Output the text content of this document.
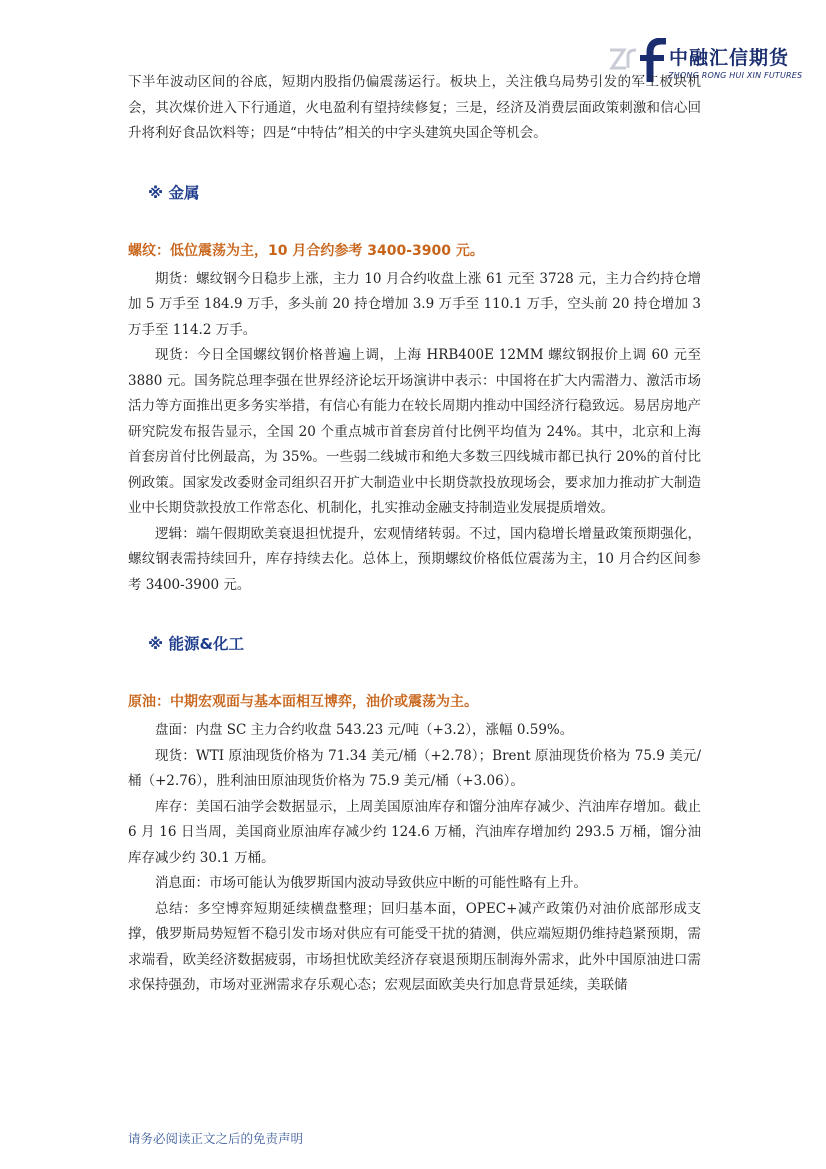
中融汇信期货
ZHONG RONG HUI XIN FUTURES

下半年波动区间的谷底，短期内股指仍偏震荡运行。板块上，关注俄乌局势引发的军工板块机会，其次煤价进入下行通道，火电盈利有望持续修复；三是，经济及消费层面政策刺激和信心回升将利好食品饮料等；四是“中特估”相关的中字头建筑央国企等机会。

※ 金属
螺纹：低位震荡为主，10 月合约参考 3400-3900 元。

期货：螺纹钢今日稳步上涨，主力 10 月合约收盘上涨 61 元至 3728 元，主力合约持仓增加 5 万手至 184.9 万手，多头前 20 持仓增加 3.9 万手至 110.1 万手，空头前 20 持仓增加 3 万手至 114.2 万手。

现货：今日全国螺纹钢价格普遍上调，上海 HRB400E 12MM 螺纹钢报价上调 60 元至 3880 元。国务院总理李强在世界经济论坛开场演讲中表示：中国将在扩大内需潜力、激活市场活力等方面推出更多务实举措，有信心有能力在较长周期内推动中国经济行稳致远。易居房地产研究院发布报告显示，全国 20 个重点城市首套房首付比例平均值为 24%。其中，北京和上海首套房首付比例最高，为 35%。一些弱二线城市和绝大多数三四线城市都已执行 20%的首付比例政策。国家发改委财金司组织召开扩大制造业中长期贷款投放现场会，要求加力推动扩大制造业中长期贷款投放工作常态化、机制化，扎实推动金融支持制造业发展提质增效。

逻辑：端午假期欧美衰退担忧提升，宏观情绪转弱。不过，国内稳增长增量政策预期强化，螺纹钢表需持续回升，库存持续去化。总体上，预期螺纹价格低位震荡为主，10 月合约区间参考 3400-3900 元。

※ 能源&化工
原油：中期宏观面与基本面相互博弈，油价或震荡为主。

盘面：内盘 SC 主力合约收盘 543.23 元/吨（+3.2），涨幅 0.59%。

现货：WTI 原油现货价格为 71.34 美元/桶（+2.78）；Brent 原油现货价格为 75.9 美元/桶（+2.76），胜利油田原油现货价格为 75.9 美元/桶（+3.06）。

库存：美国石油学会数据显示，上周美国原油库存和馏分油库存减少、汽油库存增加。截止 6 月 16 日当周，美国商业原油库存减少约 124.6 万桶，汽油库存增加约 293.5 万桶，馏分油库存减少约 30.1 万桶。

消息面：市场可能认为俄罗斯国内波动导致供应中断的可能性略有上升。

总结：多空博弈短期延续横盘整理；回归基本面，OPEC+减产政策仍对油价底部形成支撑，俄罗斯局势短暂不稳引发市场对供应有可能受干扰的猜测，供应端短期仍维持趋紧预期，需求端看，欧美经济数据疲弱，市场担忧欧美经济存衰退预期压制海外需求，此外中国原油进口需求保持强劲，市场对亚洲需求存乐观心态；宏观层面欧美央行加息背景延续，美联储

请务必阅读正文之后的免责声明
